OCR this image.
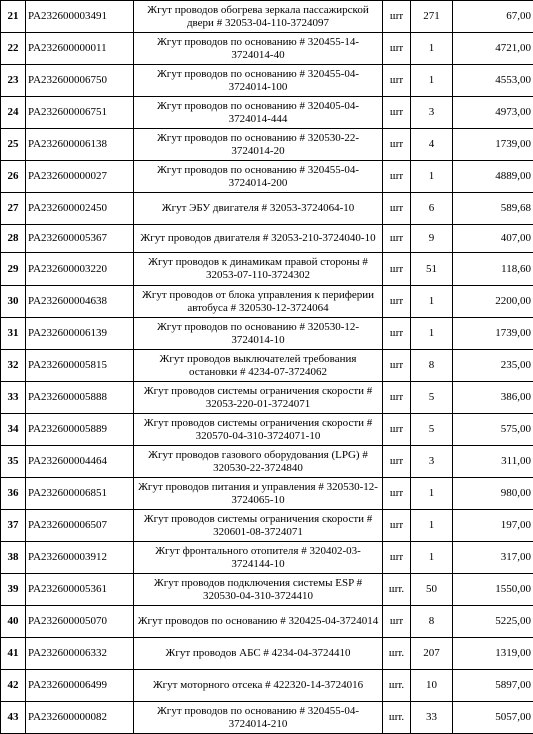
21	PA232600003491	Жгут проводов обогрева зеркала пассажирской двери # 32053-04-110-3724097	шт	271	67,00
22	PA232600000011	Жгут проводов по основанию # 320455-14-3724014-40	шт	1	4721,00
23	PA232600006750	Жгут проводов по основанию # 320455-04-3724014-100	шт	1	4553,00
24	PA232600006751	Жгут проводов по основанию # 320405-04-3724014-444	шт	3	4973,00
25	PA232600006138	Жгут проводов по основанию # 320530-22-3724014-20	шт	4	1739,00
26	PA232600000027	Жгут проводов по основанию # 320455-04-3724014-200	шт	1	4889,00
27	PA232600002450	Жгут ЭБУ двигателя # 32053-3724064-10	шт	6	589,68
28	PA232600005367	Жгут проводов двигателя # 32053-210-3724040-10	шт	9	407,00
29	PA232600003220	Жгут проводов к динамикам правой стороны # 32053-07-110-3724302	шт	51	118,60
30	PA232600004638	Жгут проводов от блока управления к периферии автобуса # 320530-12-3724064	шт	1	2200,00
31	PA232600006139	Жгут проводов по основанию # 320530-12-3724014-10	шт	1	1739,00
32	PA232600005815	Жгут проводов выключателей требования остановки # 4234-07-3724062	шт	8	235,00
33	PA232600005888	Жгут проводов системы ограничения скорости # 32053-220-01-3724071	шт	5	386,00
34	PA232600005889	Жгут проводов системы ограничения скорости # 320570-04-310-3724071-10	шт	5	575,00
35	PA232600004464	Жгут проводов газового оборудования (LPG) # 320530-22-3724840	шт	3	311,00
36	PA232600006851	Жгут проводов питания и управления # 320530-12-3724065-10	шт	1	980,00
37	PA232600006507	Жгут проводов системы ограничения скорости # 320601-08-3724071	шт	1	197,00
38	PA232600003912	Жгут фронтального отопителя # 320402-03-3724144-10	шт	1	317,00
39	PA232600005361	Жгут проводов подключения системы ESP # 320530-04-310-3724410	шт.	50	1550,00
40	PA232600005070	Жгут проводов по основанию # 320425-04-3724014	шт	8	5225,00
41	PA232600006332	Жгут проводов АБС # 4234-04-3724410	шт.	207	1319,00
42	PA232600006499	Жгут моторного отсека # 422320-14-3724016	шт.	10	5897,00
43	PA232600000082	Жгут проводов по основанию # 320455-04-3724014-210	шт.	33	5057,00
